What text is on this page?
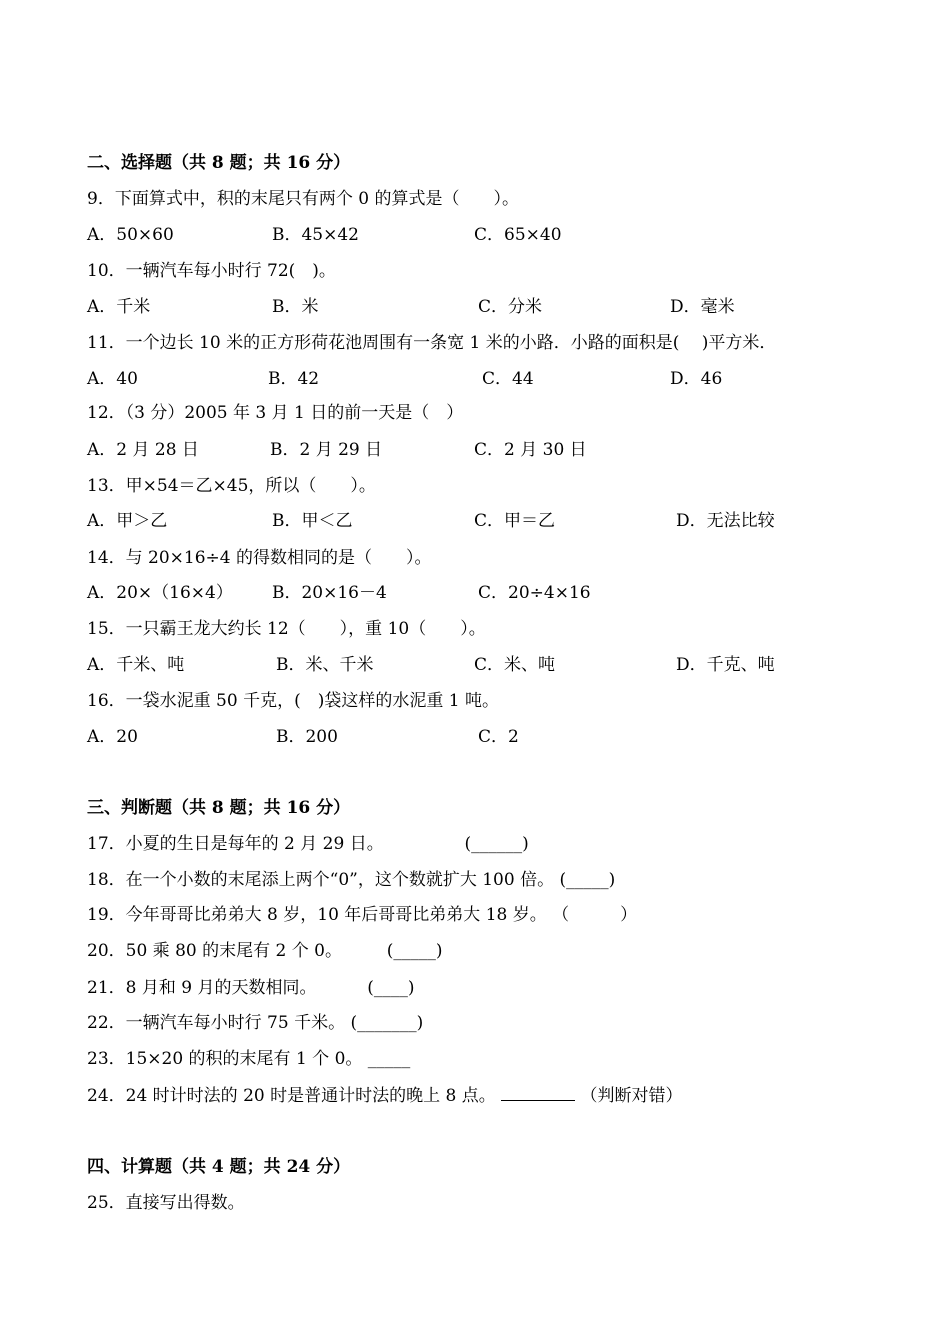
二、选择题（共 8 题；共 16 分）
9．下面算式中，积的末尾只有两个 0 的算式是（　　）。
A．50×60	B．45×42	C．65×40
10．一辆汽车每小时行 72(　)。
A．千米	B．米	C．分米	D．毫米
11．一个边长 10 米的正方形荷花池周围有一条宽 1 米的小路．小路的面积是(　 )平方米．
A．40	B．42	C．44	D．46
12．（3 分）2005 年 3 月 1 日的前一天是（　）
A．2 月 28 日	B．2 月 29 日	C．2 月 30 日
13．甲×54＝乙×45，所以（　　）。
A．甲＞乙	B．甲＜乙	C．甲＝乙	D．无法比较
14．与 20×16÷4 的得数相同的是（　　）。
A．20×（16×4） B．20×16－4	C．20÷4×16
15．一只霸王龙大约长 12（　　），重 10（　　）。
A．千米、吨	B．米、千米	C．米、吨	D．千克、吨
16．一袋水泥重 50 千克，(　)袋这样的水泥重 1 吨。
A．20	B．200	C．2
三、判断题（共 8 题；共 16 分）
17．小夏的生日是每年的 2 月 29 日。	(______)
18．在一个小数的末尾添上两个“0”，这个数就扩大 100 倍。 (_____)
19．今年哥哥比弟弟大 8 岁，10 年后哥哥比弟弟大 18 岁。 （　　　）
20．50 乘 80 的末尾有 2 个 0。	(_____)
21．8 月和 9 月的天数相同。	(____)
22．一辆汽车每小时行 75 千米。 (_______)
23．15×20 的积的末尾有 1 个 0。 _____
24．24 时计时法的 20 时是普通计时法的晚上 8 点。	（判断对错）
四、计算题（共 4 题；共 24 分）
25．直接写出得数。
